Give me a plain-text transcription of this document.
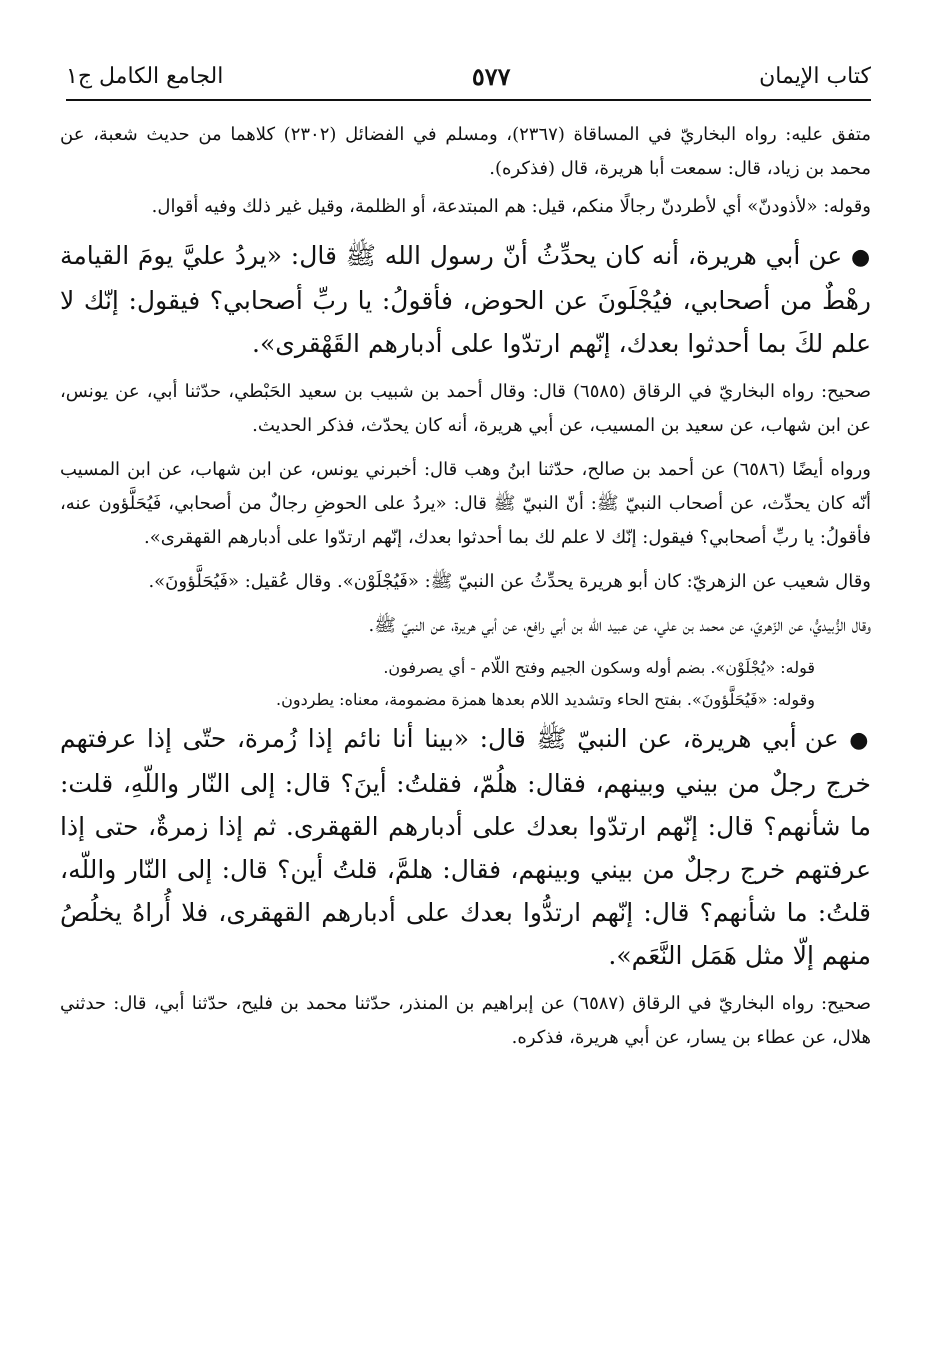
كتاب الإيمان
٥٧٧
الجامع الكامل ج١

متفق عليه: رواه البخاريّ في المساقاة (٢٣٦٧)، ومسلم في الفضائل (٢٣٠٢) كلاهما من حديث شعبة، عن محمد بن زياد، قال: سمعت أبا هريرة، قال (فذكره).

وقوله: «لأذودنّ» أي لأطردنّ رجالًا منكم، قيل: هم المبتدعة، أو الظلمة، وقيل غير ذلك وفيه أقوال.

● عن أبي هريرة، أنه كان يحدِّثُ أنّ رسول الله ﷺ قال: «يردُ عليَّ يومَ القيامة رهْطٌ من أصحابي، فيُجْلَونَ عن الحوض، فأقولُ: يا ربِّ أصحابي؟ فيقول: إنّك لا علم لكَ بما أحدثوا بعدك، إنّهم ارتدّوا على أدبارهم القَهْقرى».

صحيح: رواه البخاريّ في الرقاق (٦٥٨٥) قال: وقال أحمد بن شبيب بن سعيد الحَبْطي، حدّثنا أبي، عن يونس، عن ابن شهاب، عن سعيد بن المسيب، عن أبي هريرة، أنه كان يحدّث، فذكر الحديث.

ورواه أيضًا (٦٥٨٦) عن أحمد بن صالح، حدّثنا ابنُ وهب قال: أخبرني يونس، عن ابن شهاب، عن ابن المسيب أنّه كان يحدِّث، عن أصحاب النبيّ ﷺ: أنّ النبيّ ﷺ قال: «يردُ على الحوضِ رجالٌ من أصحابي، فَيُحَلَّؤون عنه، فأقولُ: يا ربِّ أصحابي؟ فيقول: إنّك لا علم لك بما أحدثوا بعدك، إنّهم ارتدّوا على أدبارهم القهقرى».

وقال شعيب عن الزهريّ: كان أبو هريرة يحدِّثُ عن النبيّ ﷺ: «فَيُجْلَوْن». وقال عُقيل: «فَيُحَلَّؤونَ».

وقال الزُّبيديُّ، عن الزّهريّ، عن محمد بن علي، عن عبيد الله بن أبي رافع، عن أبي هريرة، عن النبيّ ﷺ.

قوله: «يُجْلَوْن». بضم أوله وسكون الجيم وفتح اللّام - أي يصرفون.

وقوله: «فَيُحَلَّؤونَ». بفتح الحاء وتشديد اللام بعدها همزة مضمومة، معناه: يطردون.

● عن أبي هريرة، عن النبيّ ﷺ قال: «بينا أنا نائم إذا زُمرة، حتّى إذا عرفتهم خرج رجلٌ من بيني وبينهم، فقال: هلُمّ، فقلتُ: أينَ؟ قال: إلى النّار واللّهِ، قلت: ما شأنهم؟ قال: إنّهم ارتدّوا بعدك على أدبارهم القهقرى. ثم إذا زمرةٌ، حتى إذا عرفتهم خرج رجلٌ من بيني وبينهم، فقال: هلمَّ، قلتُ أين؟ قال: إلى النّار واللّه، قلتُ: ما شأنهم؟ قال: إنّهم ارتدُّوا بعدك على أدبارهم القهقرى، فلا أُراهُ يخلُصُ منهم إلّا مثل هَمَل النَّعَم».

صحيح: رواه البخاريّ في الرقاق (٦٥٨٧) عن إبراهيم بن المنذر، حدّثنا محمد بن فليح، حدّثنا أبي، قال: حدثني هلال، عن عطاء بن يسار، عن أبي هريرة، فذكره.
